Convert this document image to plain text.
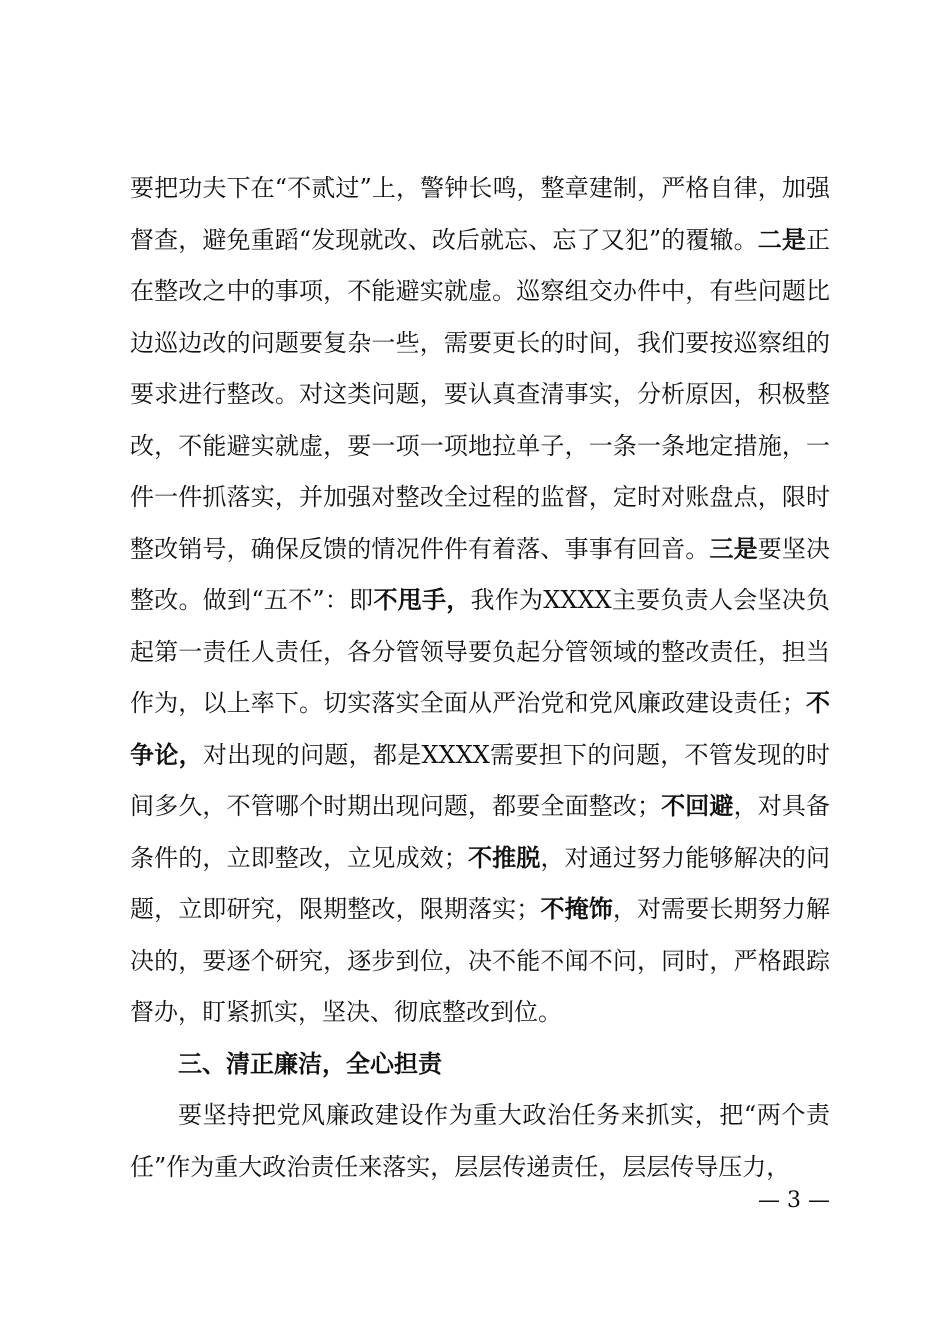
要把功夫下在“不贰过”上，警钟长鸣，整章建制，严格自律，加强督查，避免重蹈“发现就改、改后就忘、忘了又犯”的覆辙。二是正在整改之中的事项，不能避实就虚。巡察组交办件中，有些问题比边巡边改的问题要复杂一些，需要更长的时间，我们要按巡察组的要求进行整改。对这类问题，要认真查清事实，分析原因，积极整改，不能避实就虚，要一项一项地拉单子，一条一条地定措施，一件一件抓落实，并加强对整改全过程的监督，定时对账盘点，限时整改销号，确保反馈的情况件件有着落、事事有回音。三是要坚决整改。做到“五不”：即不甩手，我作为XXXX主要负责人会坚决负起第一责任人责任，各分管领导要负起分管领域的整改责任，担当作为，以上率下。切实落实全面从严治党和党风廉政建设责任；不争论，对出现的问题，都是XXXX需要担下的问题，不管发现的时间多久，不管哪个时期出现问题，都要全面整改；不回避，对具备条件的，立即整改，立见成效；不推脱，对通过努力能够解决的问题，立即研究，限期整改，限期落实；不掩饰，对需要长期努力解决的，要逐个研究，逐步到位，决不能不闻不问，同时，严格跟踪督办，盯紧抓实，坚决、彻底整改到位。

三、清正廉洁，全心担责

要坚持把党风廉政建设作为重大政治任务来抓实，把“两个责任”作为重大政治责任来落实，层层传递责任，层层传导压力，

— 3 —
